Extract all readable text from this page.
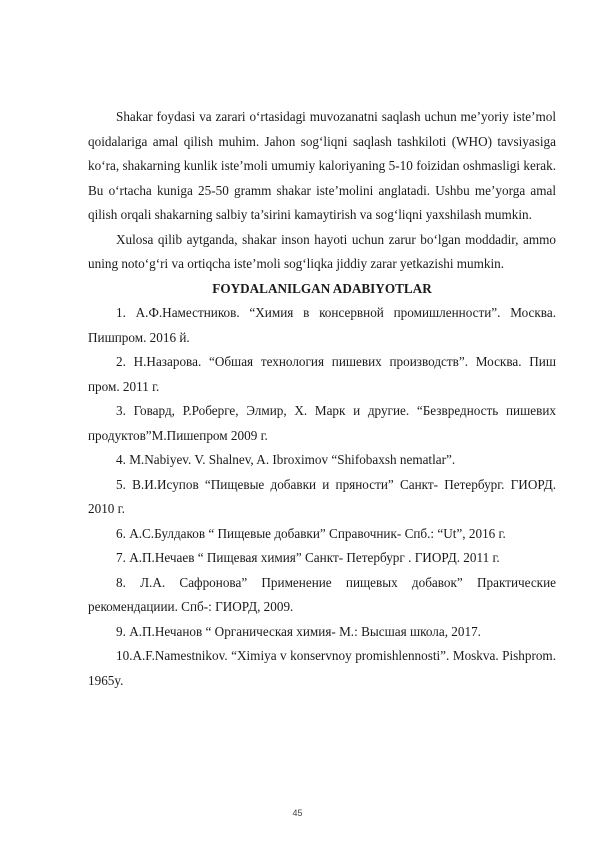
Shakar foydasi va zarari o‘rtasidagi muvozanatni saqlash uchun me’yoriy iste’mol qoidalariga amal qilish muhim. Jahon sog‘liqni saqlash tashkiloti (WHO) tavsiyasiga ko‘ra, shakarning kunlik iste’moli umumiy kaloriyaning 5-10 foizidan oshmasligi kerak. Bu o‘rtacha kuniga 25-50 gramm shakar iste’molini anglatadi. Ushbu me’yorga amal qilish orqali shakarning salbiy ta’sirini kamaytirish va sog‘liqni yaxshilash mumkin.

Xulosa qilib aytganda, shakar inson hayoti uchun zarur bo‘lgan moddadir, ammo uning noto‘g‘ri va ortiqcha iste’moli sog‘liqka jiddiy zarar yetkazishi mumkin.

FOYDALANILGAN ADABIYOTLAR

1. А.Ф.Наместников. “Химия в консервной промишленности”. Москва. Пишпром. 2016 й.

2. Н.Назарова. “Обшая технология пишевих производств”. Москва. Пиш пром. 2011 г.

3. Говард, Р.Роберге, Элмир, Х. Марк и другие. “Безвредность пишевих продуктов”М.Пишепром 2009 г.

4. M.Nabiyev. V. Shalnev, A. Ibroximov “Shifobaxsh nematlar”.

5. В.И.Исупов “Пищевые добавки и пряности” Санкт- Петербург. ГИОРД. 2010 г.

6. А.С.Булдаков “ Пищевые добавки” Справочник- Спб.: “Ut”, 2016 г.

7. А.П.Нечаев “ Пищевая химия” Санкт- Петербург . ГИОРД. 2011 г.

8. Л.А. Сафронова” Применение пищевых добавок” Практические рекомендациии. Спб-: ГИОРД, 2009.

9. А.П.Нечанов “ Органическая химия- М.: Высшая школа, 2017.

10.A.F.Namestnikov. “Ximiya v konservnoy promishlennosti”. Moskva. Pishprom. 1965y.

45
